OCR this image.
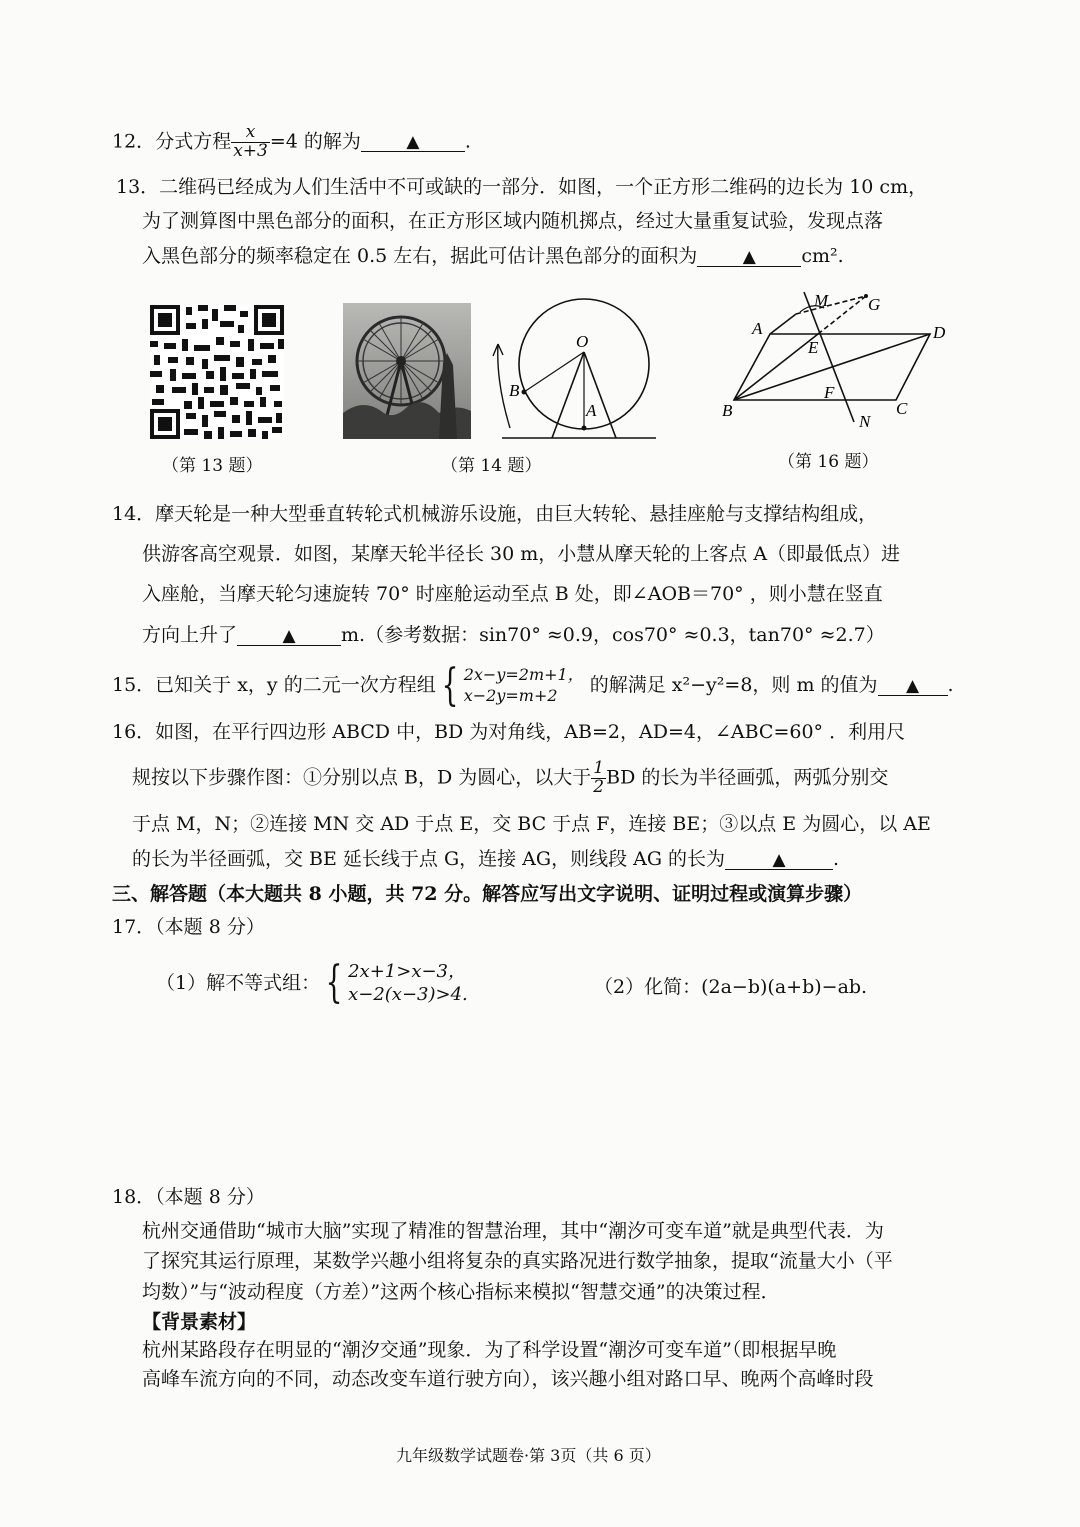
12．分式方程 $\frac{x}{x+3} =4$ 的解为	▲ .
13．二维码已经成为人们生活中不可或缺的一部分．如图，一个正方形二维码的边长为 10 cm，
为了测算图中黑色部分的面积，在正方形区域内随机掷点，经过大量重复试验，发现点落
入黑色部分的频率稳定在 0.5 左右，据此可估计黑色部分的面积为	▲ cm².
（第 13 题）
O
B
A
（第 14 题）
M G
A	D
E
B
F
C
N
（第 16 题）
14．摩天轮是一种大型垂直转轮式机械游乐设施，由巨大转轮、悬挂座舱与支撑结构组成，
供游客高空观景．如图，某摩天轮半径长 30 m，小慧从摩天轮的上客点 A（即最低点）进
入座舱，当摩天轮匀速旋转 70° 时座舱运动至点 B 处，即∠AOB＝70° ，则小慧在竖直
方向上升了	▲ m.（参考数据：sin70° ≈0.9，cos70° ≈0.3，tan70° ≈2.7）
15．已知关于 x，y 的二元一次方程组 { 2x−y=2m+1，
x−2y=m+2	的解满足 x²−y²=8，则 m 的值为 ▲ .
16．如图，在平行四边形 ABCD 中，BD 为对角线，AB=2，AD=4，∠ABC=60° ．利用尺
规按以下步骤作图：①分别以点 B，D 为圆心，以大于 $\frac{1}{2}$ BD 的长为半径画弧，两弧分别交
于点 M，N；②连接 MN 交 AD 于点 E，交 BC 于点 F，连接 BE；③以点 E 为圆心，以 AE
的长为半径画弧，交 BE 延长线于点 G，连接 AG，则线段 AG 的长为	▲ .
三、解答题（本大题共 8 小题，共 72 分。解答应写出文字说明、证明过程或演算步骤）
17．（本题 8 分）
（1）解不等式组： { 2x+1>x−3，
x−2(x−3)>4.	（2）化简：(2a−b)(a+b)−ab.
18．（本题 8 分）
杭州交通借助“城市大脑”实现了精准的智慧治理，其中“潮汐可变车道”就是典型代表．为
了探究其运行原理，某数学兴趣小组将复杂的真实路况进行数学抽象，提取“流量大小（平
均数）”与“波动程度（方差）”这两个核心指标来模拟“智慧交通”的决策过程．
【背景素材】
杭州某路段存在明显的“潮汐交通”现象．为了科学设置“潮汐可变车道”（即根据早晚
高峰车流方向的不同，动态改变车道行驶方向），该兴趣小组对路口早、晚两个高峰时段
九年级数学试题卷·第 3页（共 6 页）
